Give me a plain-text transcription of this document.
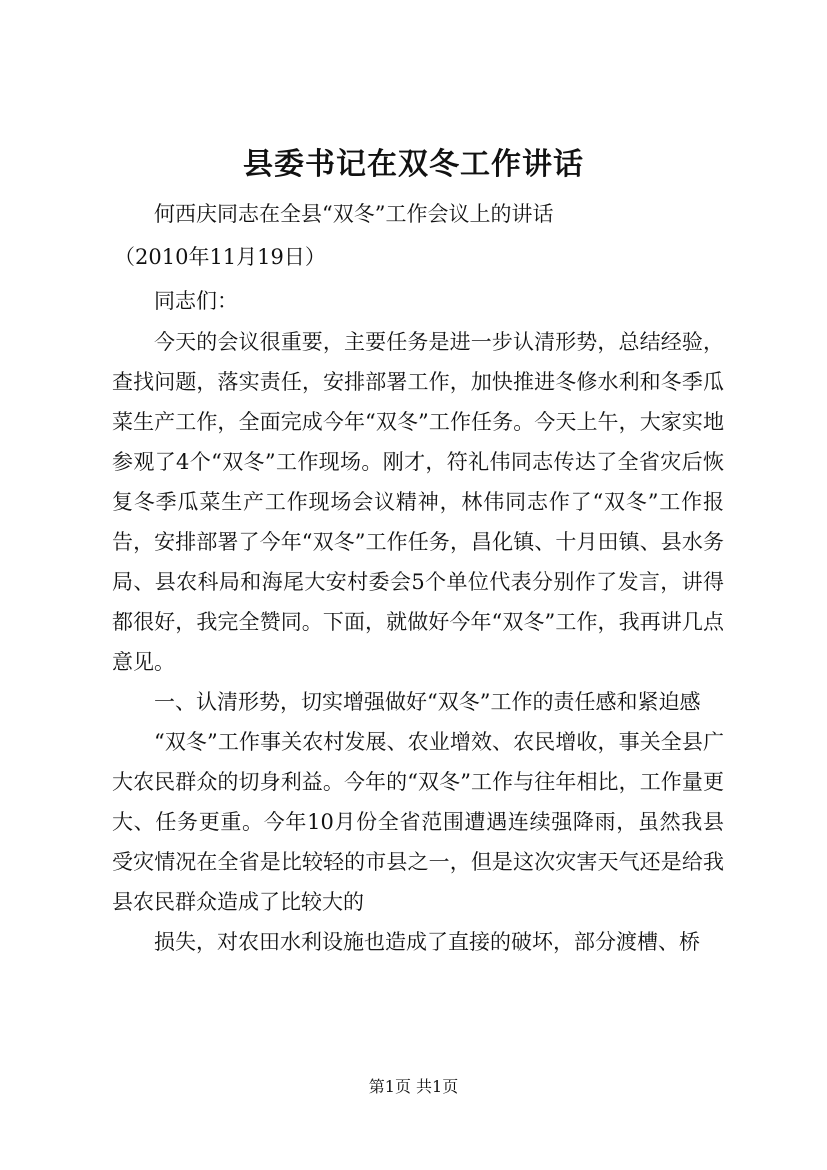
县委书记在双冬工作讲话
何西庆同志在全县“双冬”工作会议上的讲话
（2010年11月19日）
同志们：

今天的会议很重要，主要任务是进一步认清形势，总结经验，查找问题，落实责任，安排部署工作，加快推进冬修水利和冬季瓜菜生产工作，全面完成今年“双冬”工作任务。今天上午，大家实地参观了4个“双冬”工作现场。刚才，符礼伟同志传达了全省灾后恢复冬季瓜菜生产工作现场会议精神，林伟同志作了“双冬”工作报告，安排部署了今年“双冬”工作任务，昌化镇、十月田镇、县水务局、县农科局和海尾大安村委会5个单位代表分别作了发言，讲得都很好，我完全赞同。下面，就做好今年“双冬”工作，我再讲几点意见。

一、认清形势，切实增强做好“双冬”工作的责任感和紧迫感

“双冬”工作事关农村发展、农业增效、农民增收，事关全县广大农民群众的切身利益。今年的“双冬”工作与往年相比，工作量更大、任务更重。今年10月份全省范围遭遇连续强降雨，虽然我县受灾情况在全省是比较轻的市县之一，但是这次灾害天气还是给我县农民群众造成了比较大的

损失，对农田水利设施也造成了直接的破坏，部分渡槽、桥

第1页 共1页
